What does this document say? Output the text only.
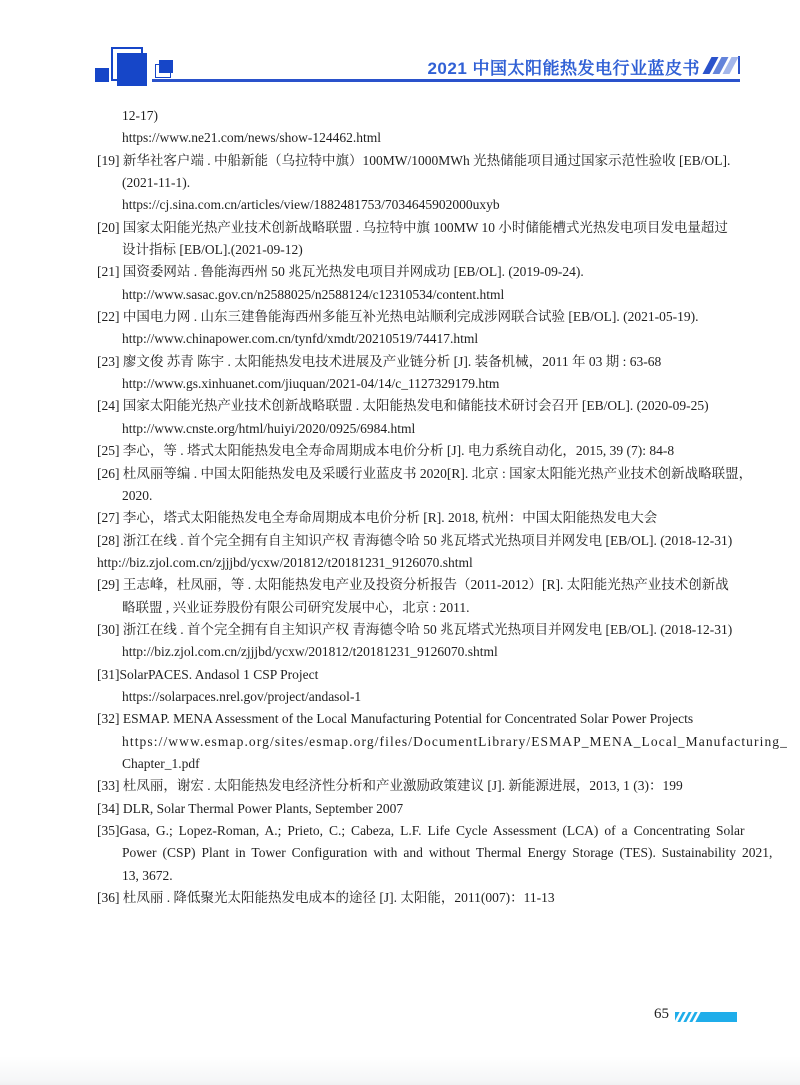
2021 中国太阳能热发电行业蓝皮书
12-17)
https://www.ne21.com/news/show-124462.html
[19] 新华社客户端 . 中船新能（乌拉特中旗）100MW/1000MWh 光热储能项目通过国家示范性验收 [EB/OL].
(2021-11-1).
https://cj.sina.com.cn/articles/view/1882481753/7034645902000uxyb
[20] 国家太阳能光热产业技术创新战略联盟 . 乌拉特中旗 100MW 10 小时储能槽式光热发电项目发电量超过
设计指标 [EB/OL].(2021-09-12)
[21] 国资委网站 . 鲁能海西州 50 兆瓦光热发电项目并网成功 [EB/OL]. (2019-09-24).
http://www.sasac.gov.cn/n2588025/n2588124/c12310534/content.html
[22] 中国电力网 . 山东三建鲁能海西州多能互补光热电站顺利完成涉网联合试验 [EB/OL]. (2021-05-19).
http://www.chinapower.com.cn/tynfd/xmdt/20210519/74417.html
[23] 廖文俊 苏青 陈宇 . 太阳能热发电技术进展及产业链分析 [J]. 装备机械，2011 年 03 期 : 63-68
http://www.gs.xinhuanet.com/jiuquan/2021-04/14/c_1127329179.htm
[24] 国家太阳能光热产业技术创新战略联盟 . 太阳能热发电和储能技术研讨会召开 [EB/OL]. (2020-09-25)
http://www.cnste.org/html/huiyi/2020/0925/6984.html
[25] 李心，等 . 塔式太阳能热发电全寿命周期成本电价分析 [J]. 电力系统自动化，2015, 39 (7): 84-8
[26] 杜凤丽等编 . 中国太阳能热发电及采暖行业蓝皮书 2020[R]. 北京 : 国家太阳能光热产业技术创新战略联盟，
2020.
[27] 李心，塔式太阳能热发电全寿命周期成本电价分析 [R]. 2018, 杭州：中国太阳能热发电大会
[28] 浙江在线 . 首个完全拥有自主知识产权 青海德令哈 50 兆瓦塔式光热项目并网发电 [EB/OL]. (2018-12-31)
http://biz.zjol.com.cn/zjjjbd/ycxw/201812/t20181231_9126070.shtml
[29] 王志峰，杜凤丽，等 . 太阳能热发电产业及投资分析报告（2011-2012）[R]. 太阳能光热产业技术创新战
略联盟 , 兴业证券股份有限公司研究发展中心，北京 : 2011.
[30] 浙江在线 . 首个完全拥有自主知识产权 青海德令哈 50 兆瓦塔式光热项目并网发电 [EB/OL]. (2018-12-31)
http://biz.zjol.com.cn/zjjjbd/ycxw/201812/t20181231_9126070.shtml
[31]SolarPACES. Andasol 1 CSP Project
https://solarpaces.nrel.gov/project/andasol-1
[32] ESMAP. MENA Assessment of the Local Manufacturing Potential for Concentrated Solar Power Projects
https://www.esmap.org/sites/esmap.org/files/DocumentLibrary/ESMAP_MENA_Local_Manufacturing_
Chapter_1.pdf
[33] 杜凤丽，谢宏 . 太阳能热发电经济性分析和产业激励政策建议 [J]. 新能源进展，2013, 1 (3)：199
[34] DLR, Solar Thermal Power Plants, September 2007
[35]Gasa, G.; Lopez-Roman, A.; Prieto, C.; Cabeza, L.F. Life Cycle Assessment (LCA) of a Concentrating Solar
Power (CSP) Plant in Tower Configuration with and without Thermal Energy Storage (TES). Sustainability 2021,
13, 3672.
[36] 杜凤丽 . 降低聚光太阳能热发电成本的途径 [J]. 太阳能，2011(007)：11-13
65
